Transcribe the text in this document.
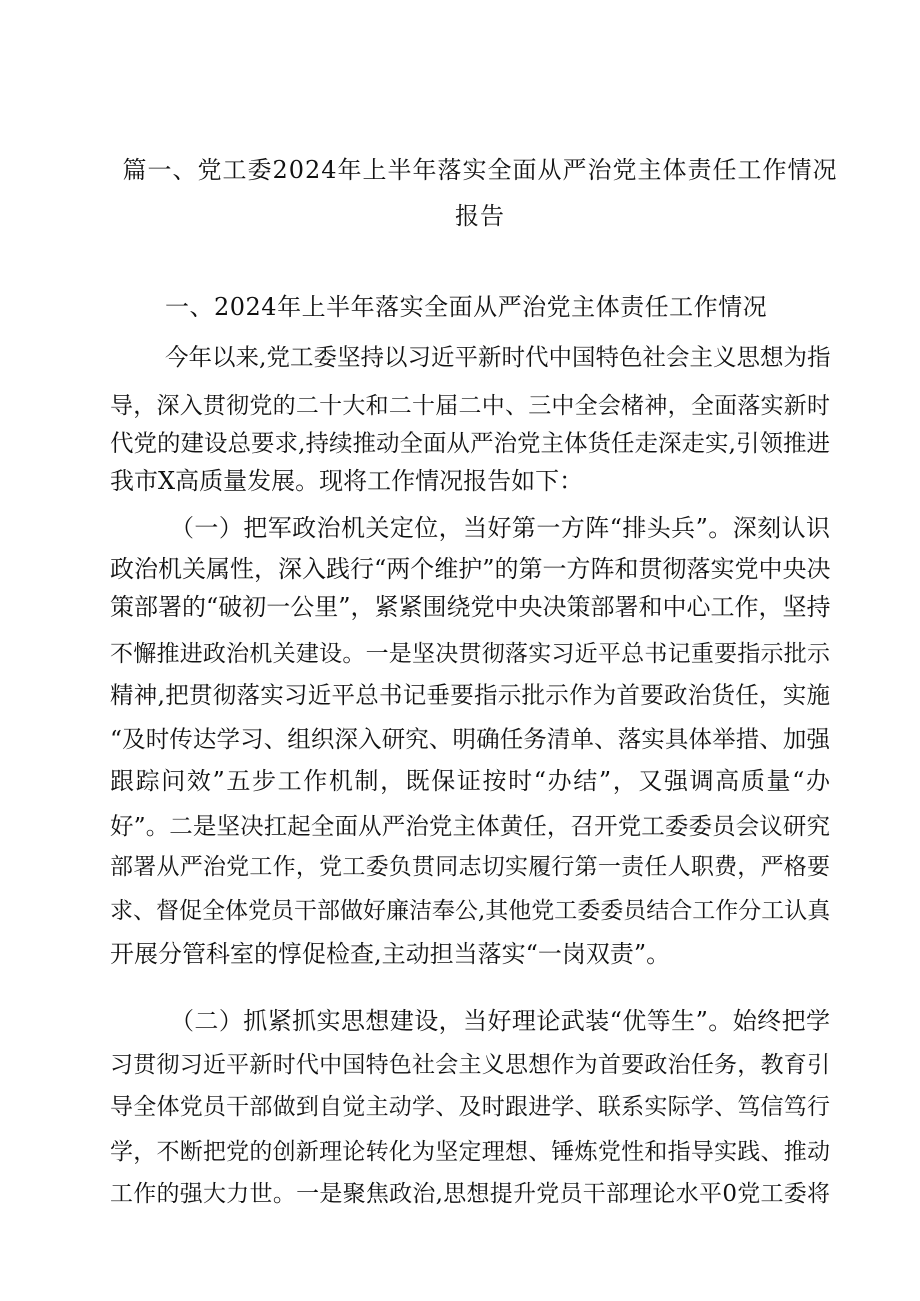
篇一、党工委2024年上半年落实全面从严治党主体责任工作情况
报告
一、2024年上半年落实全面从严治党主体责任工作情况
今年以来,党工委坚持以习近平新时代中国特色社会主义思想为指
导，深入贯彻党的二十大和二十届二中、三中全会楮神，全面落实新时
代党的建设总要求,持续推动全面从严治党主体货任走深走实,引领推进
我市X高质量发展。现将工作情况报告如下：
（一）把军政治机关定位，当好第一方阵“排头兵”。深刻认识
政治机关属性，深入践行“两个维护”的第一方阵和贯彻落实党中央决
策部署的“破初一公里”，紧紧围绕党中央决策部署和中心工作，坚持
不懈推进政治机关建设。一是坚决贯彻落实习近平总书记重要指示批示
精神,把贯彻落实习近平总书记垂要指示批示作为首要政治货任，实施
“及时传达学习、组织深入研究、明确任务清单、落实具体举措、加强
跟踪问效”五步工作机制，既保证按时“办结”，又强调高质量“办
好”。二是坚决扛起全面从严治党主体黄任，召开党工委委员会议研究
部署从严治党工作，党工委负贯同志切实履行第一责任人职费，严格要
求、督促全体党员干部做好廉洁奉公,其他党工委委员结合工作分工认真
开展分管科室的惇促检查,主动担当落实“一岗双责”。
（二）抓紧抓实思想建设，当好理论武装“优等生”。始终把学
习贯彻习近平新时代中国特色社会主义思想作为首要政治任务，教育引
导全体党员干部做到自觉主动学、及时跟进学、联系实际学、笃信笃行
学，不断把党的创新理论转化为坚定理想、锤炼党性和指导实践、推动
工作的强大力世。一是聚焦政治,思想提升党员干部理论水平0党工委将
